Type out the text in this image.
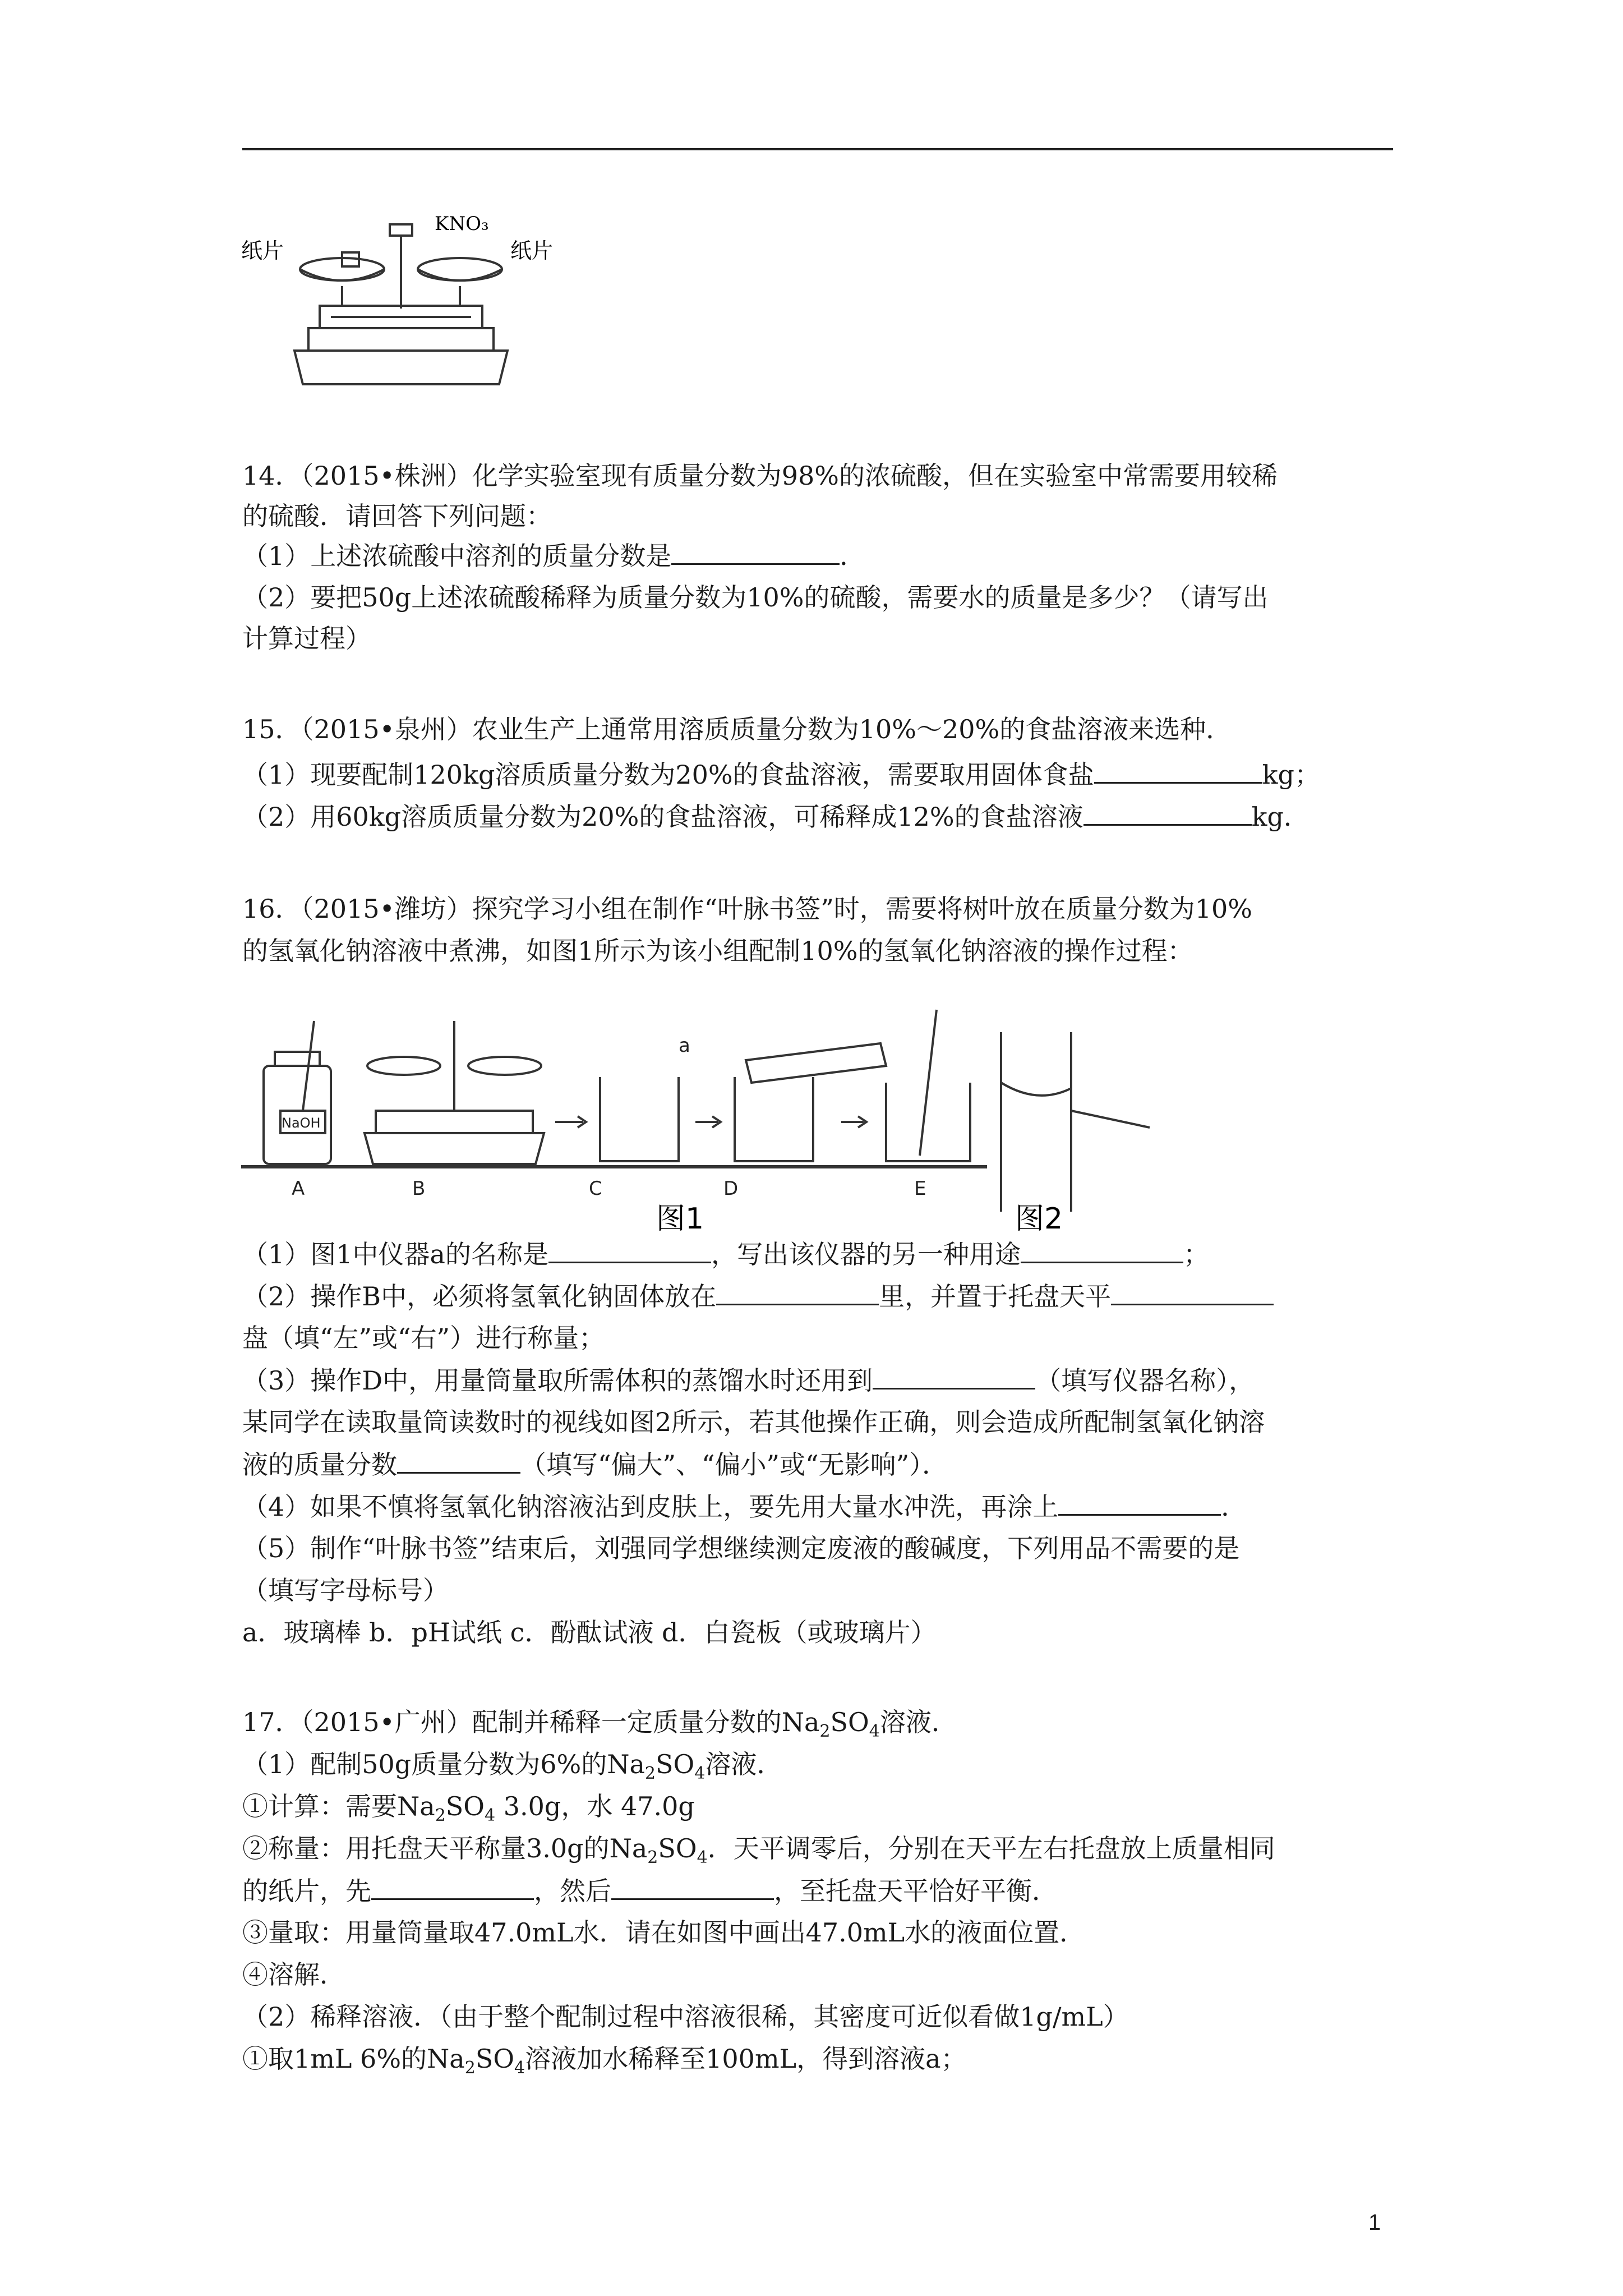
纸片	纸片
KNO₃
14．（2015•株洲）化学实验室现有质量分数为98%的浓硫酸，但在实验室中常需要用较稀
的硫酸．请回答下列问题：
（1）上述浓硫酸中溶剂的质量分数是	．
（2）要把50g上述浓硫酸稀释为质量分数为10%的硫酸，需要水的质量是多少？（请写出
计算过程）
15．（2015•泉州）农业生产上通常用溶质质量分数为10%～20%的食盐溶液来选种．
（1）现要配制120kg溶质质量分数为20%的食盐溶液，需要取用固体食盐	kg；
（2）用60kg溶质质量分数为20%的食盐溶液，可稀释成12%的食盐溶液	kg．
16．（2015•潍坊）探究学习小组在制作“叶脉书签”时，需要将树叶放在质量分数为10%
的氢氧化钠溶液中煮沸，如图1所示为该小组配制10%的氢氧化钠溶液的操作过程：
A	B	C	D	E
a
NaOH
图1	图2
（1）图1中仪器a的名称是	，写出该仪器的另一种用途	；
（2）操作B中，必须将氢氧化钠固体放在	里，并置于托盘天平
盘（填“左”或“右”）进行称量；
（3）操作D中，用量筒量取所需体积的蒸馏水时还用到	（填写仪器名称），
某同学在读取量筒读数时的视线如图2所示，若其他操作正确，则会造成所配制氢氧化钠溶
液的质量分数	（填写“偏大”、“偏小”或“无影响”）．
（4）如果不慎将氢氧化钠溶液沾到皮肤上，要先用大量水冲洗，再涂上	．
（5）制作“叶脉书签”结束后，刘强同学想继续测定废液的酸碱度，下列用品不需要的是
（填写字母标号）
a．玻璃棒 b．pH试纸 c．酚酞试液 d．白瓷板（或玻璃片）
17．（2015•广州）配制并稀释一定质量分数的$Na_2SO_4$溶液．
（1）配制50g质量分数为6%的$Na_2SO_4$溶液．
①计算：需要$Na_2SO_4$ 3.0g，水 47.0g
②称量：用托盘天平称量3.0g的$Na_2SO_4$．天平调零后，分别在天平左右托盘放上质量相同
的纸片，先	，然后	，至托盘天平恰好平衡．
③量取：用量筒量取47.0mL水．请在如图中画出47.0mL水的液面位置．
④溶解．
（2）稀释溶液．（由于整个配制过程中溶液很稀，其密度可近似看做1g/mL）
①取1mL 6%的$Na_2SO_4$溶液加水稀释至100mL，得到溶液a；
1
